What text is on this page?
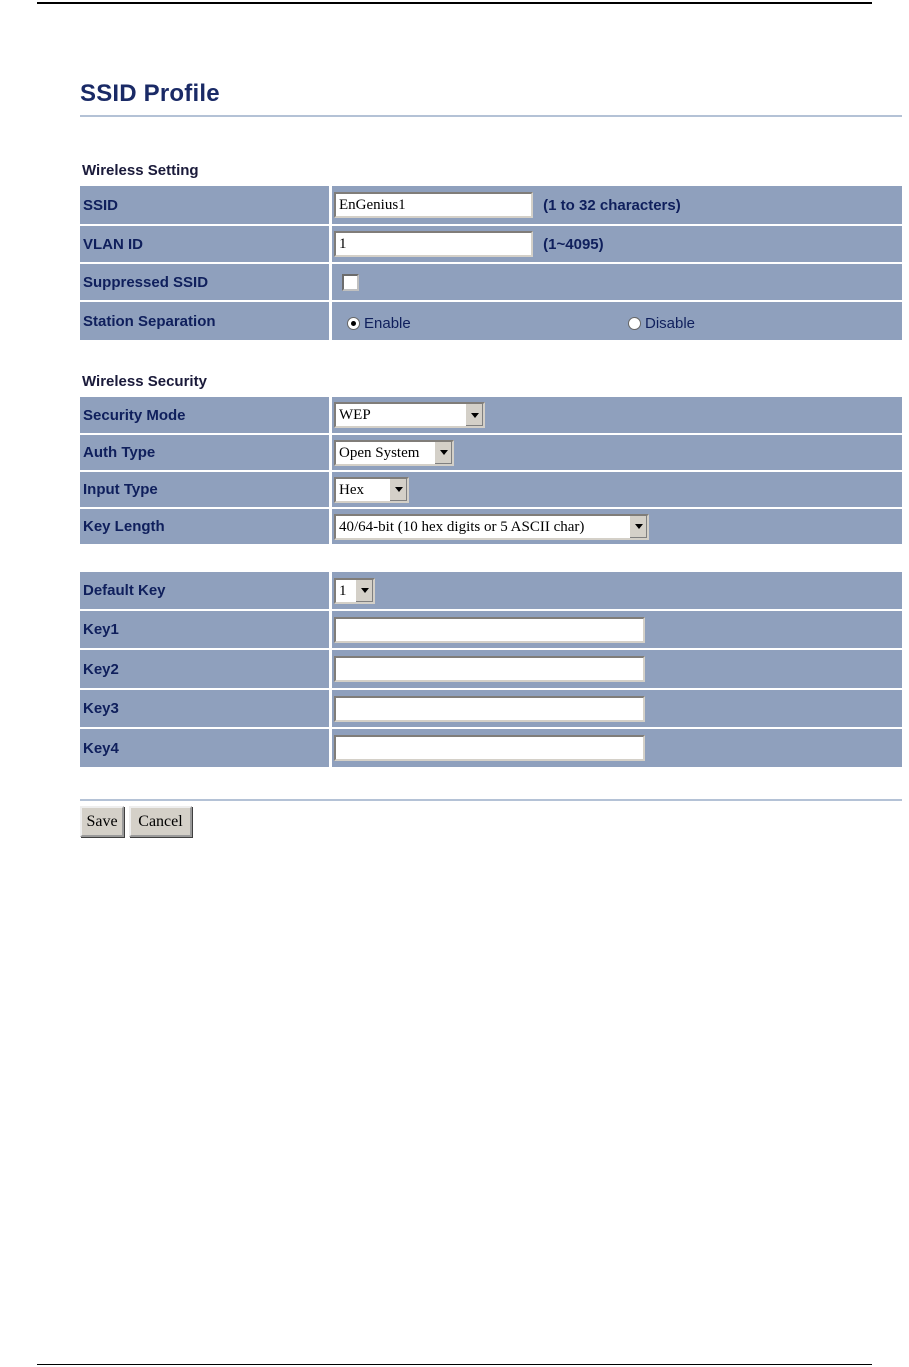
SSID Profile
Wireless Setting
SSID	EnGenius1(1 to 32 characters)
VLAN ID	1(1~4095)
Suppressed SSID	
Station Separation	Enable Disable
Wireless Security
Security Mode	WEP

Auth Type	Open System

Input Type	Hex

Key Length	40/64-bit (10 hex digits or 5 ASCII char)
Default Key	1

Key1	
Key2	
Key3	
Key4	
Save	Cancel
